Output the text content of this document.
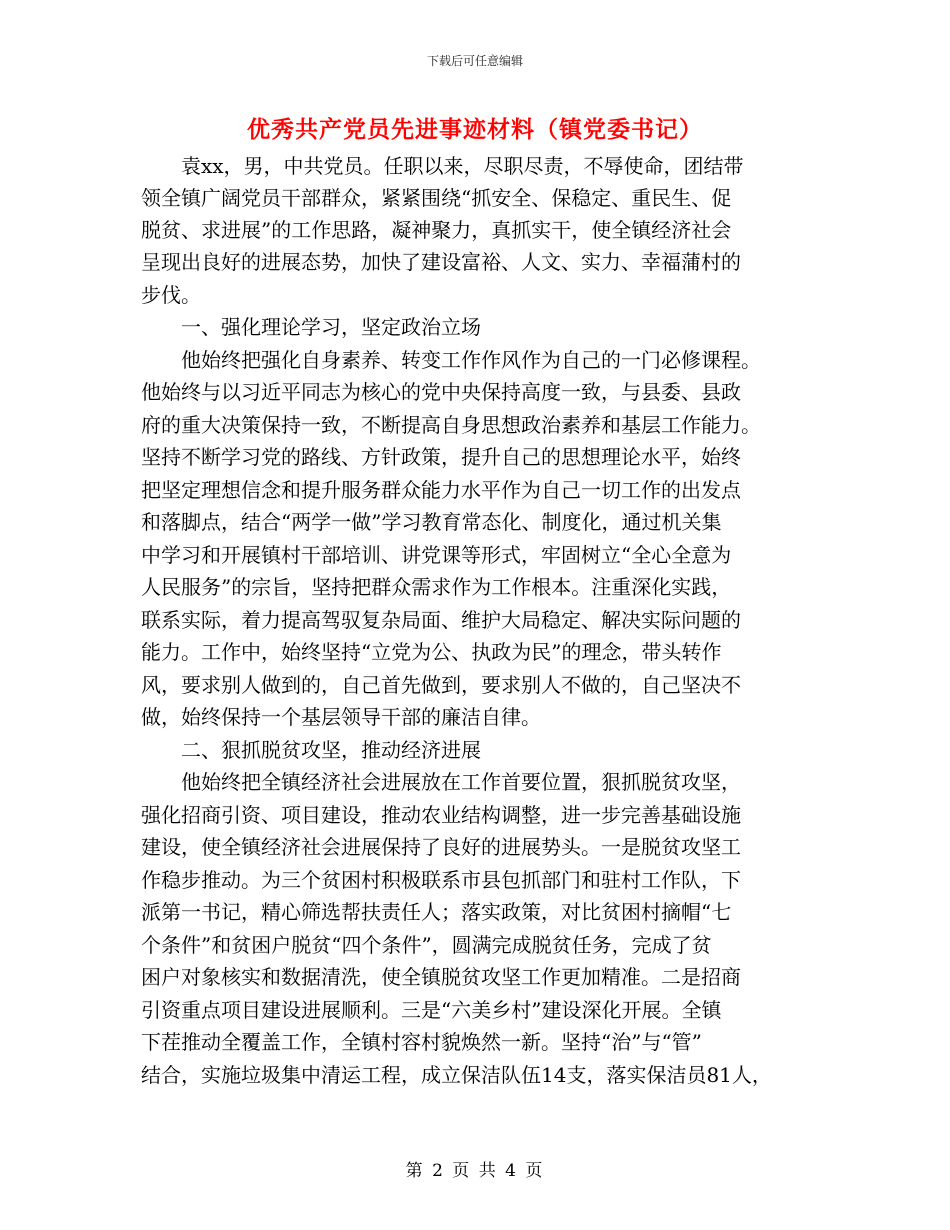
下载后可任意编辑
优秀共产党员先进事迹材料（镇党委书记）
　　袁xx，男，中共党员。任职以来，尽职尽责，不辱使命，团结带
领全镇广阔党员干部群众，紧紧围绕“抓安全、保稳定、重民生、促
脱贫、求进展”的工作思路，凝神聚力，真抓实干，使全镇经济社会
呈现出良好的进展态势，加快了建设富裕、人文、实力、幸福蒲村的
步伐。
　　一、强化理论学习，坚定政治立场
　　他始终把强化自身素养、转变工作作风作为自己的一门必修课程。
他始终与以习近平同志为核心的党中央保持高度一致，与县委、县政
府的重大决策保持一致，不断提高自身思想政治素养和基层工作能力。
坚持不断学习党的路线、方针政策，提升自己的思想理论水平，始终
把坚定理想信念和提升服务群众能力水平作为自己一切工作的出发点
和落脚点，结合“两学一做”学习教育常态化、制度化，通过机关集
中学习和开展镇村干部培训、讲党课等形式，牢固树立“全心全意为
人民服务”的宗旨，坚持把群众需求作为工作根本。注重深化实践，
联系实际，着力提高驾驭复杂局面、维护大局稳定、解决实际问题的
能力。工作中，始终坚持“立党为公、执政为民”的理念，带头转作
风，要求别人做到的，自己首先做到，要求别人不做的，自己坚决不
做，始终保持一个基层领导干部的廉洁自律。
　　二、狠抓脱贫攻坚，推动经济进展
　　他始终把全镇经济社会进展放在工作首要位置，狠抓脱贫攻坚，
强化招商引资、项目建设，推动农业结构调整，进一步完善基础设施
建设，使全镇经济社会进展保持了良好的进展势头。一是脱贫攻坚工
作稳步推动。为三个贫困村积极联系市县包抓部门和驻村工作队，下
派第一书记，精心筛选帮扶责任人；落实政策，对比贫困村摘帽“七
个条件”和贫困户脱贫“四个条件”，圆满完成脱贫任务，完成了贫
困户对象核实和数据清洗，使全镇脱贫攻坚工作更加精准。二是招商
引资重点项目建设进展顺利。三是“六美乡村”建设深化开展。全镇
下茬推动全覆盖工作，全镇村容村貌焕然一新。坚持“治”与“管”
结合，实施垃圾集中清运工程，成立保洁队伍14支，落实保洁员81人，
第 2 页 共 4 页
